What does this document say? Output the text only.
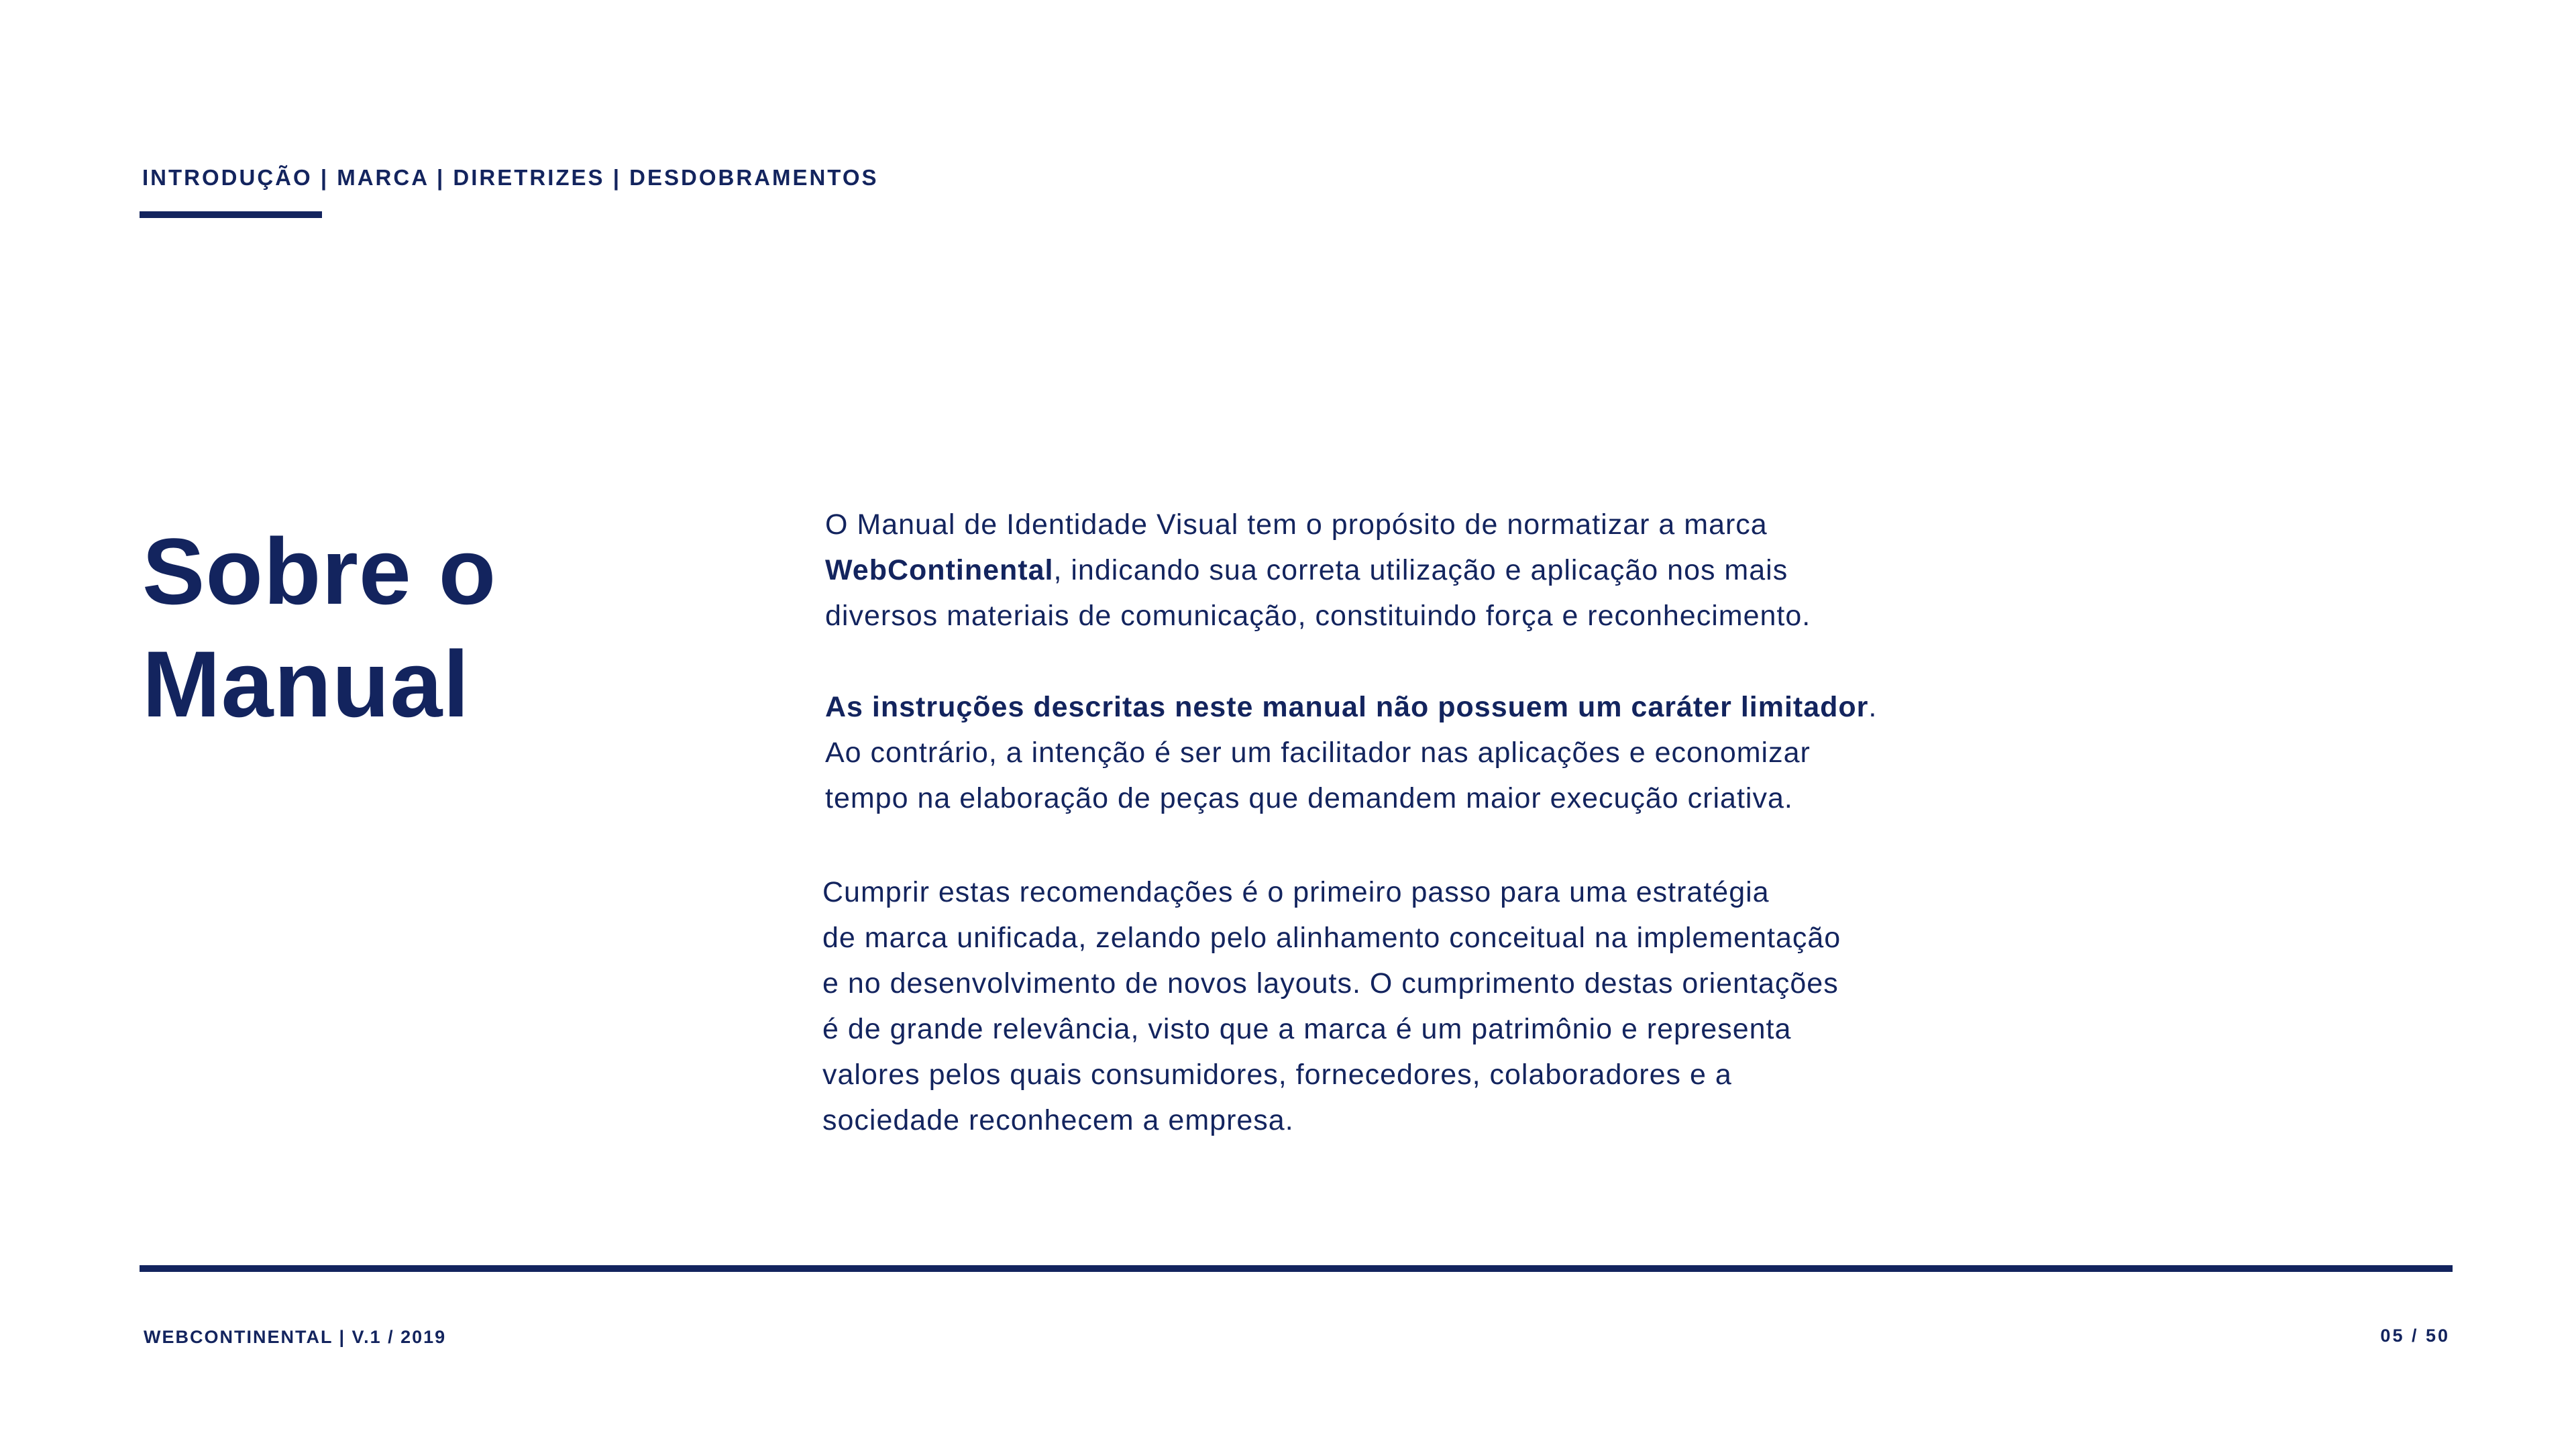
INTRODUÇÃO | MARCA | DIRETRIZES | DESDOBRAMENTOS
Sobre o
Manual
O Manual de Identidade Visual tem o propósito de normatizar a marca
WebContinental, indicando sua correta utilização e aplicação nos mais
diversos materiais de comunicação, constituindo força e reconhecimento.
As instruções descritas neste manual não possuem um caráter limitador.
Ao contrário, a intenção é ser um facilitador nas aplicações e economizar
tempo na elaboração de peças que demandem maior execução criativa.
Cumprir estas recomendações é o primeiro passo para uma estratégia
de marca unificada, zelando pelo alinhamento conceitual na implementação
e no desenvolvimento de novos layouts. O cumprimento destas orientações
é de grande relevância, visto que a marca é um patrimônio e representa
valores pelos quais consumidores, fornecedores, colaboradores e a
sociedade reconhecem a empresa.
WEBCONTINENTAL | V.1 / 2019	05 / 50
